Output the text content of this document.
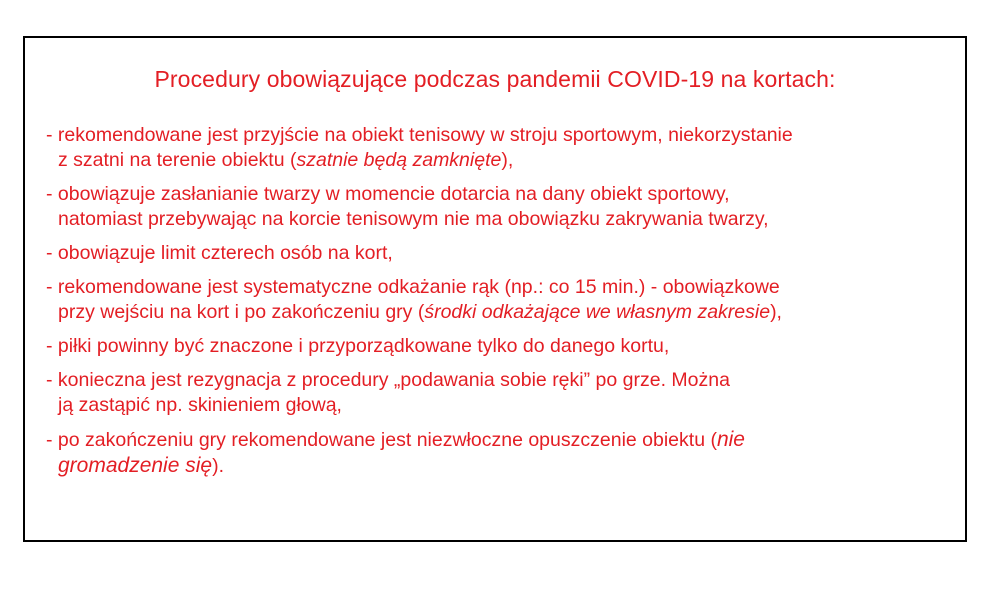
Procedury obowiązujące podczas pandemii COVID-19 na kortach:
- rekomendowane jest przyjście na obiekt tenisowy w stroju sportowym, niekorzystanie
z szatni na terenie obiektu (szatnie będą zamknięte),
- obowiązuje zasłanianie twarzy w momencie dotarcia na dany obiekt sportowy,
natomiast przebywając na korcie tenisowym nie ma obowiązku zakrywania twarzy,
- obowiązuje limit czterech osób na kort,
- rekomendowane jest systematyczne odkażanie rąk (np.: co 15 min.) - obowiązkowe
przy wejściu na kort i po zakończeniu gry (środki odkażające we własnym zakresie),
- piłki powinny być znaczone i przyporządkowane tylko do danego kortu,
- konieczna jest rezygnacja z procedury „podawania sobie ręki” po grze. Można
ją zastąpić np. skinieniem głową,
- po zakończeniu gry rekomendowane jest niezwłoczne opuszczenie obiektu (nie
gromadzenie się).
